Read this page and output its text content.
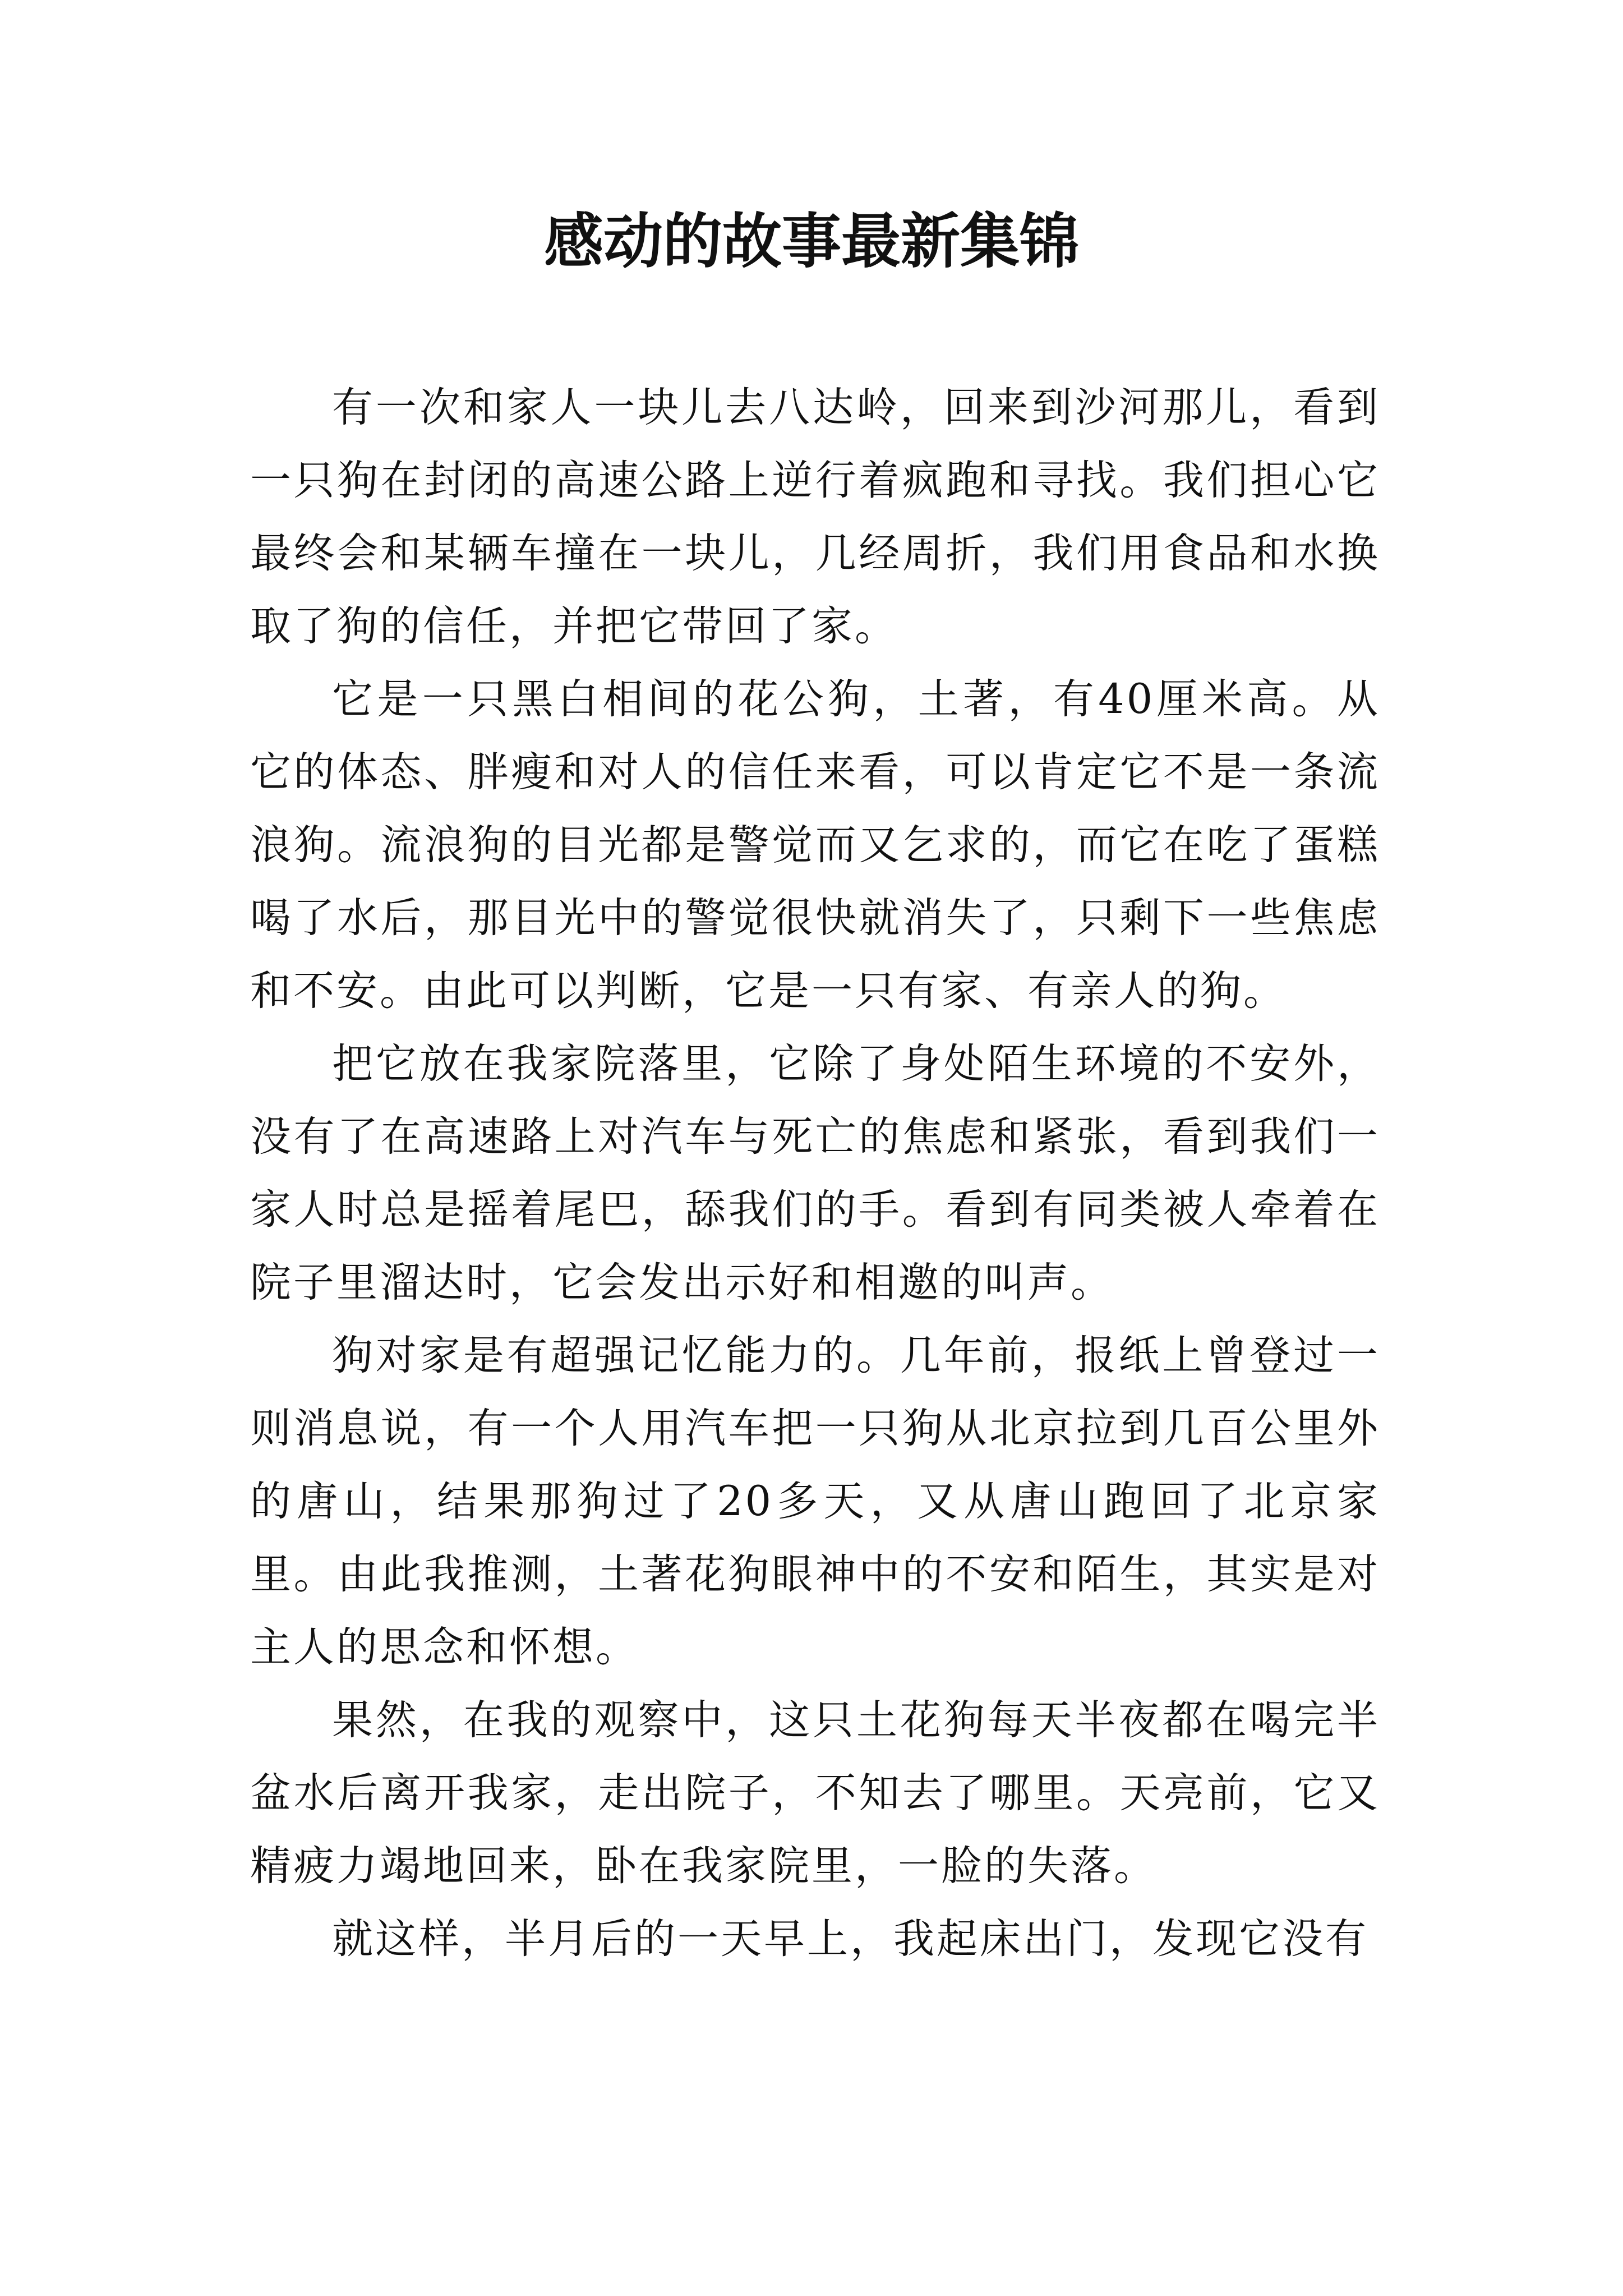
感动的故事最新集锦

有一次和家人一块儿去八达岭，回来到沙河那儿，看到一只狗在封闭的高速公路上逆行着疯跑和寻找。我们担心它最终会和某辆车撞在一块儿，几经周折，我们用食品和水换取了狗的信任，并把它带回了家。

它是一只黑白相间的花公狗，土著，有40厘米高。从它的体态、胖瘦和对人的信任来看，可以肯定它不是一条流浪狗。流浪狗的目光都是警觉而又乞求的，而它在吃了蛋糕喝了水后，那目光中的警觉很快就消失了，只剩下一些焦虑和不安。由此可以判断，它是一只有家、有亲人的狗。

把它放在我家院落里，它除了身处陌生环境的不安外，没有了在高速路上对汽车与死亡的焦虑和紧张，看到我们一家人时总是摇着尾巴，舔我们的手。看到有同类被人牵着在院子里溜达时，它会发出示好和相邀的叫声。

狗对家是有超强记忆能力的。几年前，报纸上曾登过一则消息说，有一个人用汽车把一只狗从北京拉到几百公里外的唐山，结果那狗过了20多天，又从唐山跑回了北京家里。由此我推测，土著花狗眼神中的不安和陌生，其实是对主人的思念和怀想。

果然，在我的观察中，这只土花狗每天半夜都在喝完半盆水后离开我家，走出院子，不知去了哪里。天亮前，它又精疲力竭地回来，卧在我家院里，一脸的失落。

就这样，半月后的一天早上，我起床出门，发现它没有
